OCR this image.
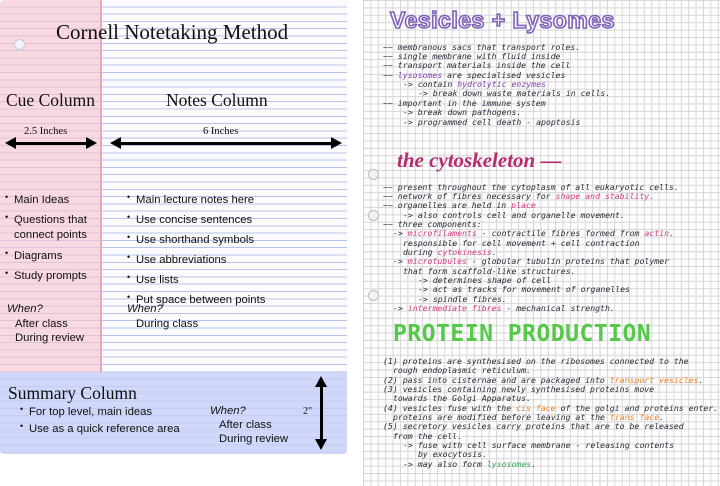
Cornell Notetaking Method
Cue Column	Notes Column
2.5 Inches	6 Inches
• Main Ideas
• Questions that
connect points
• Diagrams
• Study prompts
When?
After class
During review
• Main lecture notes here
• Use concise sentences
• Use shorthand symbols
• Use abbreviations
• Use lists
• Put space between points
When?
During class
Summary Column
• For top level, main ideas
• Use as a quick reference area
When?
After class
During review
2"
Vesicles + Lysomes
~~ membranous sacs that transport roles.
~~ single membrane with fluid inside
~~ transport materials inside the cell
~~ lysosomes are specialised vesicles
-> contain hydrolytic enzymes
-> break down waste materials in cells.
~~ important in the immune system
-> break down pathogens.
-> programmed cell death - apoptosis
the cytoskeleton —
~~ present throughout the cytoplasm of all eukaryotic cells.
~~ network of fibres necessary for shape and stability.
~~ organelles are held in place
-> also controls cell and organelle movement.
~~ three components:
-> microfilaments - contractile fibres formed from actin.
responsible for cell movement + cell contraction
during cytokinesis.
-> microtubules - globular tubulin proteins that polymer
that form scaffold-like structures.
-> determines shape of cell
-> act as tracks for movement of organelles
-> spindle fibres.
-> intermediate fibres - mechanical strength.
PROTEIN PRODUCTION
(1) proteins are synthesised on the ribosomes connected to the
rough endoplasmic reticulum.
(2) pass into cisternae and are packaged into transport vesicles.
(3) vesicles containing newly synthesised proteins move
towards the Golgi Apparatus.
(4) vesicles fuse with the cis face of the golgi and proteins enter.
proteins are modified before leaving at the trans face.
(5) secretory vesicles carry proteins that are to be released
from the cell.
-> fuse with cell surface membrane - releasing contents
by exocytosis.
-> may also form lysosomes.
